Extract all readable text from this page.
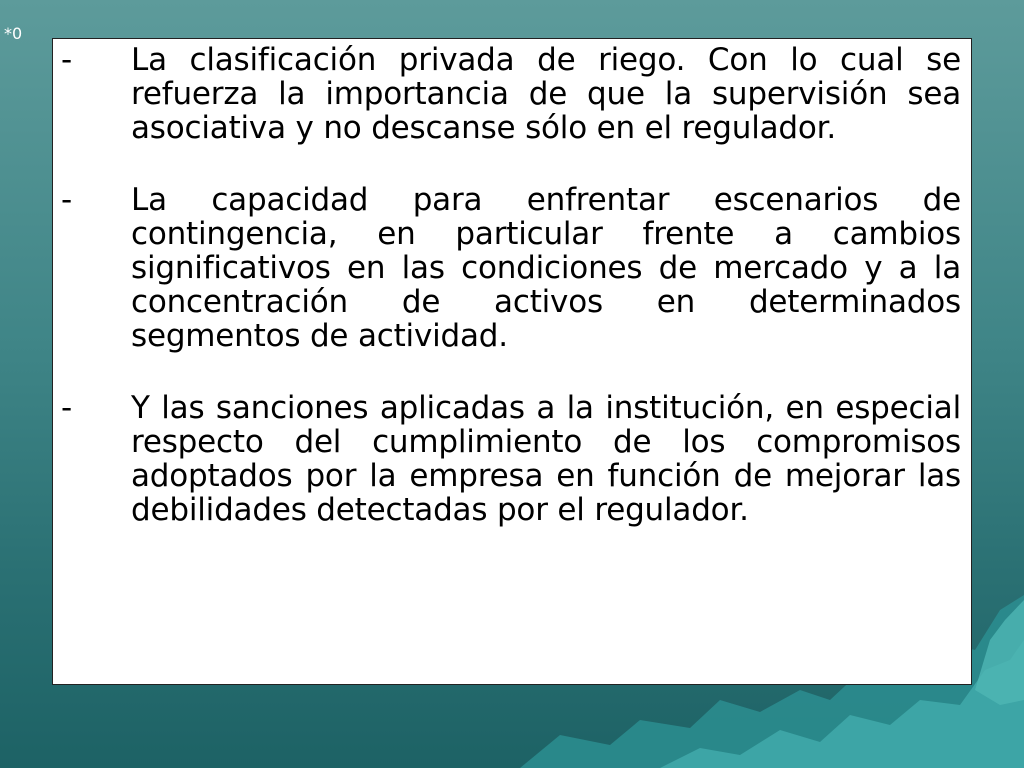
*0
-	La clasificación privada de riego. Con lo cual se refuerza la importancia de que la supervisión sea asociativa y no descanse sólo en el regulador.
-	La capacidad para enfrentar escenarios de contingencia, en particular frente a cambios significativos en las condiciones de mercado y a la concentración de activos en determinados segmentos de actividad.
-	Y las sanciones aplicadas a la institución, en especial respecto del cumplimiento de los compromisos adoptados por la empresa en función de mejorar las debilidades detectadas por el regulador.
